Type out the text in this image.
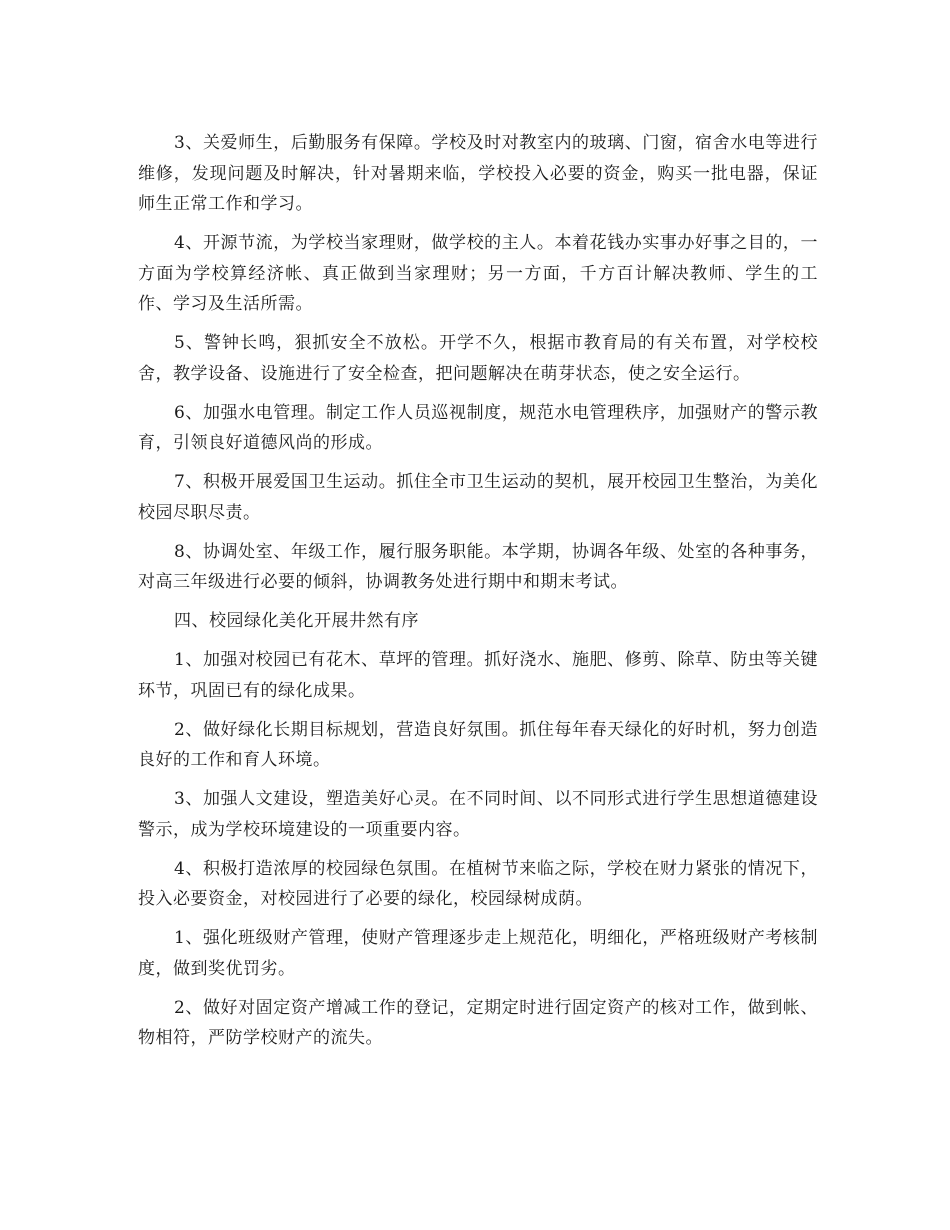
3、关爱师生，后勤服务有保障。学校及时对教室内的玻璃、门窗，宿舍水电等进行维修，发现问题及时解决，针对暑期来临，学校投入必要的资金，购买一批电器，保证师生正常工作和学习。

4、开源节流，为学校当家理财，做学校的主人。本着花钱办实事办好事之目的，一方面为学校算经济帐、真正做到当家理财；另一方面，千方百计解决教师、学生的工作、学习及生活所需。

5、警钟长鸣，狠抓安全不放松。开学不久，根据市教育局的有关布置，对学校校舍，教学设备、设施进行了安全检查，把问题解决在萌芽状态，使之安全运行。

6、加强水电管理。制定工作人员巡视制度，规范水电管理秩序，加强财产的警示教育，引领良好道德风尚的形成。

7、积极开展爱国卫生运动。抓住全市卫生运动的契机，展开校园卫生整治，为美化校园尽职尽责。

8、协调处室、年级工作，履行服务职能。本学期，协调各年级、处室的各种事务，对高三年级进行必要的倾斜，协调教务处进行期中和期末考试。

四、校园绿化美化开展井然有序

1、加强对校园已有花木、草坪的管理。抓好浇水、施肥、修剪、除草、防虫等关键环节，巩固已有的绿化成果。

2、做好绿化长期目标规划，营造良好氛围。抓住每年春天绿化的好时机，努力创造良好的工作和育人环境。

3、加强人文建设，塑造美好心灵。在不同时间、以不同形式进行学生思想道德建设警示，成为学校环境建设的一项重要内容。

4、积极打造浓厚的校园绿色氛围。在植树节来临之际，学校在财力紧张的情况下，投入必要资金，对校园进行了必要的绿化，校园绿树成荫。

1、强化班级财产管理，使财产管理逐步走上规范化，明细化，严格班级财产考核制度，做到奖优罚劣。

2、做好对固定资产增减工作的登记，定期定时进行固定资产的核对工作，做到帐、物相符，严防学校财产的流失。
